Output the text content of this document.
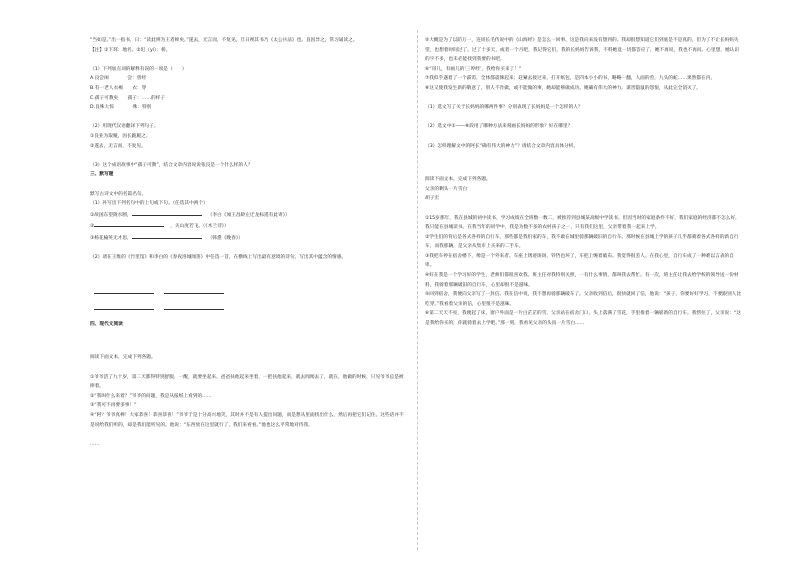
“当如是。”出一指书，曰：“读此则为王者师矣。”遂去，无言而，不复见。旦日视其书乃《太公兵法》也。良因异之，常习诵读之。

【注】①下邳：地名。②圯（yí）：桥。

（1）下列加点词的解释有误的一项是（　　）

A.良尝闲　　　　尝：曾经

B.有一老人衣褐　　衣：穿

C.孺子可教矣　　孺子：……的样子

D.良殊大惊　　　　殊：特别

（2）用现代汉语翻译下列句子。

①良业为取履，因长跪履之。

②遂去，无言而，不复见。

（3）这个成语故事中“孺子可教”，结合文章内容说说张良是一个什么样的人？

三、默写题

默写古诗文中的名篇名句。

（1）补写出下列名句中的上句或下句。（任选其中两个）

①故国东望陇水断，	（李白《闻王昌龄左迁龙标遥有此寄》）

②	，关山度若飞。（《木兰诗》）

③杨花榆荚无才思，	（韩愈《晚春》）

（2）请在王维的《竹里馆》和李白的《春夜洛城闻笛》中任选一首，在横线上写出最有意境的诗句，写出其中蕴含的情感。

四、现代文阅读

阅读下面文本，完成下列各题。

①爷爷活了九十岁，第二天都得特别舒服，一醒，就要坐起来。爸爸扶他起来坐着，一把扶他起来，就去闻闻去了，就在，他做的时候，只见爷爷总是被摔着。

②“我叫什么来着？”爷爷的问题，我是从报纸上看到的……

③“我可不再要多事！”

④“阿？爷爷真棒！大家恭喜！恭喜恭喜！”爷爷于是十分高兴地笑，其时并不是有人提出问题，而是想从里面找出什么，然后再把它们记住。这些话并不是说给我们听的，却是我们能听见的。他说：“东西放在这里就行了，我们来看看。”他也这么平常地对待我。

……

⑤大概是为了以防万一，连同长毛传说中的《山海经》是怎么一回事。这是我向来没有想到的。我却很想知道它们到底是不是真的，但为了不让长妈妈失望，也想着时间过了。过了十多天，或者一个月吧，我记得它们，我的长妈妈告诉我，不料她竟一切都答应了，她不再说，我也不再问。心里想，她认识的字不多，也未必能找到我要的书吧。

⑥“哥儿，有画儿的‘三哼经’，我给你买来了！”

⑦我似乎遇着了一个霹雳，全体都震悚起来；赶紧去接过来，打开纸包，是四本小小的书，略略一翻，人面的兽，九头的蛇……果然都在内。

⑧这又使我发生新的敬意了，别人不肯做，或不能做的事，她却能够做成功。她确有伟大的神力。谋害隐鼠的怨恨，从此完全消灭了。

（1）选文写了关于长妈妈的哪两件事？分别表现了长妈妈是一个怎样的人？

（2）选文中①——⑧段用了哪种方法来刻画长妈妈的形象？好在哪里？

（3）怎样理解文中的阿长“确有伟大的神力”？请结合文章内容具体分析。

阅读下面文本，完成下列各题。

父亲的剩头一片雪白

胡子宏

①15岁那年，我在县城的初中读书，学习成绩在全班数一数二，被推荐到县城某高级中学读书。但因当时的家庭条件不好，我们家庭的经济都不怎么好，我只能在县城读书。在我当年的同学中，我是为数不多的农村孩子之一，只有我们这里，父亲带着我一起来上学。

②学生们的背后是各式各样的自行车，那些都是我们家的车，我不敢在城里骑那辆破旧的自行车。那时候在县城上学的孩子几乎都骑着各式各样的新自行车，而我那辆，是父亲从集市上买来的二手车。

③我把车停在宿舍楼下，像是一个外来者。车座上锈迹斑斑，铃铛也坏了，车把上缠着破布。我觉得很丢人。在我心里，自行车成了一种难以言表的自卑。

④好在我是一个学习好的学生，老师们都很喜欢我。班主任对我特别关照，一有什么事情，都叫我去帮忙。有一次，班主任让我去给学校的领导送一份材料，我骑着那辆破旧的自行车，心里却很不是滋味。

⑤回到宿舍，我便向父亲写了一封信。我在信中说，我不想再骑那辆破车了。父亲收到信后，很快就回了信，他说：“孩子，你要好好学习，不要跟别人比吃穿。”我看着父亲的信，心里很不是滋味。

⑥第二天天不亮，我便起了床，窗户外面是一片白茫茫的雪，父亲站在宿舍门口，头上落满了雪花，手里推着一辆崭新的自行车。我愣住了，父亲说：“这是我给你买的，你就骑着去上学吧。”那一刻，我看见父亲的头顶一片雪白……
